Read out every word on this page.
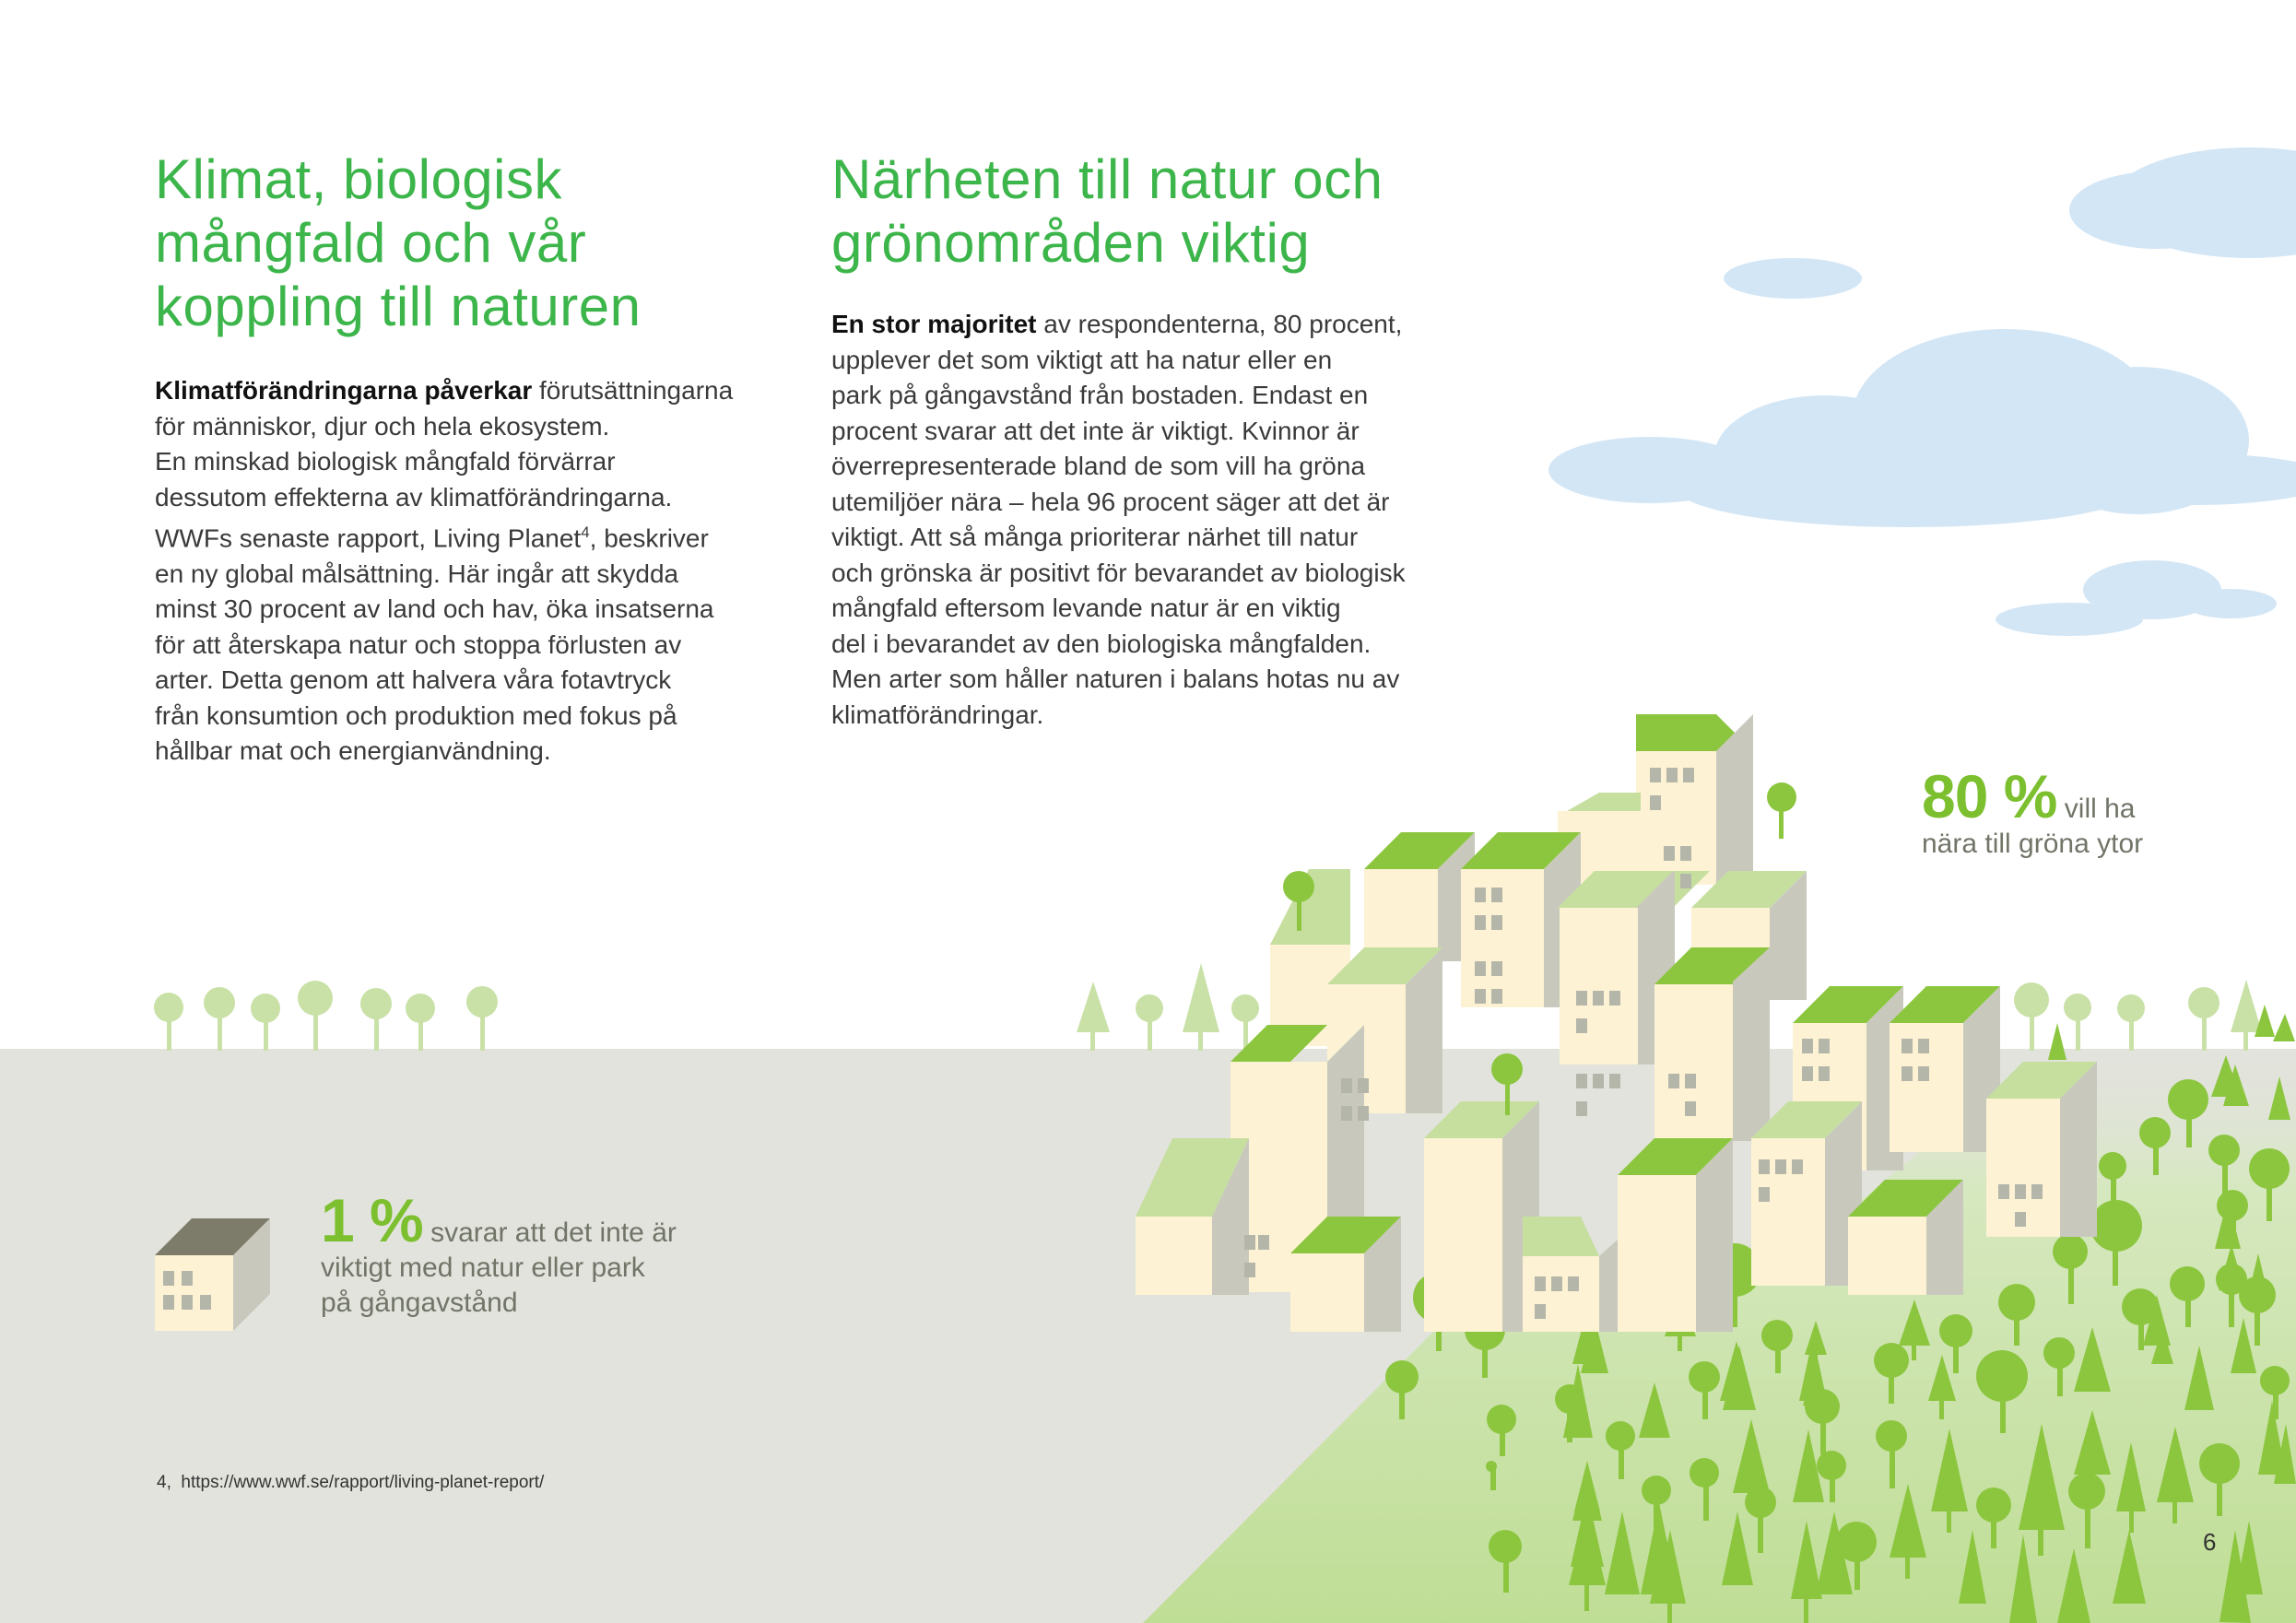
Klimat, biologisk
mångfald och vår
koppling till naturen
Klimatförändringarna påverkar förutsättningarna
för människor, djur och hela ekosystem.
En minskad biologisk mångfald förvärrar
dessutom effekterna av klimatförändringarna.
WWFs senaste rapport, Living Planet$^4$, beskriver
en ny global målsättning. Här ingår att skydda
minst 30 procent av land och hav, öka insatserna
för att återskapa natur och stoppa förlusten av
arter. Detta genom att halvera våra fotavtryck
från konsumtion och produktion med fokus på
hållbar mat och energianvändning.
Närheten till natur och
grönområden viktig
En stor majoritet av respondenterna, 80 procent,
upplever det som viktigt att ha natur eller en
park på gångavstånd från bostaden. Endast en
procent svarar att det inte är viktigt. Kvinnor är
överrepresenterade bland de som vill ha gröna
utemiljöer nära – hela 96 procent säger att det är
viktigt. Att så många prioriterar närhet till natur
och grönska är positivt för bevarandet av biologisk
mångfald eftersom levande natur är en viktig
del i bevarandet av den biologiska mångfalden.
Men arter som håller naturen i balans hotas nu av
klimatförändringar.
80 % vill ha
nära till gröna ytor
1 % svarar att det inte är
viktigt med natur eller park
på gångavstånd
4, https://www.wwf.se/rapport/living-planet-report/
6
